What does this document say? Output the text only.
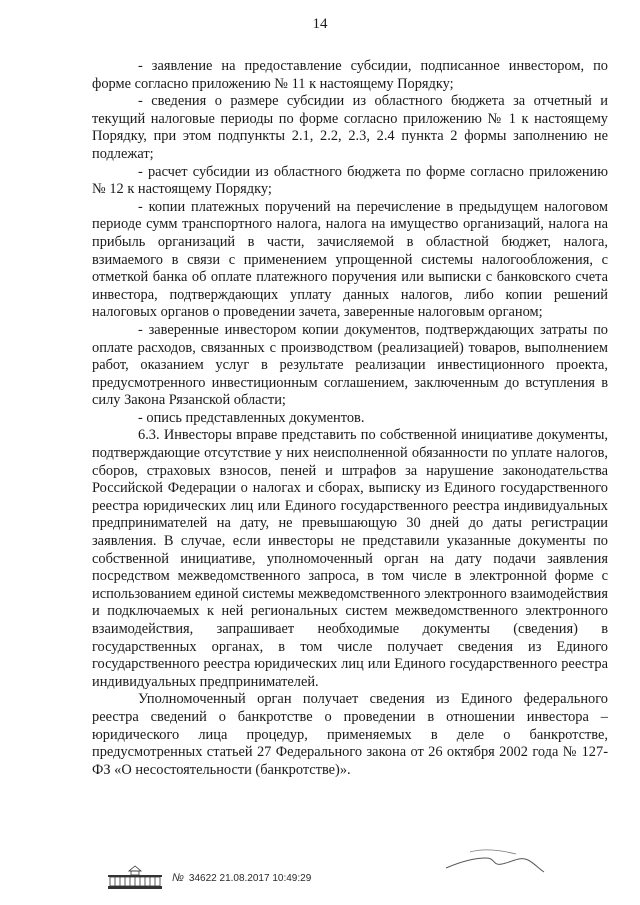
14

- заявление на предоставление субсидии, подписанное инвестором, по форме согласно приложению № 11 к настоящему Порядку;

- сведения о размере субсидии из областного бюджета за отчетный и текущий налоговые периоды по форме согласно приложению № 1 к настоящему Порядку, при этом подпункты 2.1, 2.2, 2.3, 2.4 пункта 2 формы заполнению не подлежат;

- расчет субсидии из областного бюджета по форме согласно приложению № 12 к настоящему Порядку;

- копии платежных поручений на перечисление в предыдущем налоговом периоде сумм транспортного налога, налога на имущество организаций, налога на прибыль организаций в части, зачисляемой в областной бюджет, налога, взимаемого в связи с применением упрощенной системы налогообложения, с отметкой банка об оплате платежного поручения или выписки с банковского счета инвестора, подтверждающих уплату данных налогов, либо копии решений налоговых органов о проведении зачета, заверенные налоговым органом;

- заверенные инвестором копии документов, подтверждающих затраты по оплате расходов, связанных с производством (реализацией) товаров, выполнением работ, оказанием услуг в результате реализации инвестиционного проекта, предусмотренного инвестиционным соглашением, заключенным до вступления в силу Закона Рязанской области;

- опись представленных документов.

6.3. Инвесторы вправе представить по собственной инициативе документы, подтверждающие отсутствие у них неисполненной обязанности по уплате налогов, сборов, страховых взносов, пеней и штрафов за нарушение законодательства Российской Федерации о налогах и сборах, выписку из Единого государственного реестра юридических лиц или Единого государственного реестра индивидуальных предпринимателей на дату, не превышающую 30 дней до даты регистрации заявления. В случае, если инвесторы не представили указанные документы по собственной инициативе, уполномоченный орган на дату подачи заявления посредством межведомственного запроса, в том числе в электронной форме с использованием единой системы межведомственного электронного взаимодействия и подключаемых к ней региональных систем межведомственного электронного взаимодействия, запрашивает необходимые документы (сведения) в государственных органах, в том числе получает сведения из Единого государственного реестра юридических лиц или Единого государственного реестра индивидуальных предпринимателей.

Уполномоченный орган получает сведения из Единого федерального реестра сведений о банкротстве о проведении в отношении инвестора – юридического лица процедур, применяемых в деле о банкротстве, предусмотренных статьей 27 Федерального закона от 26 октября 2002 года № 127-ФЗ «О несостоятельности (банкротстве)».

№ 34622 21.08.2017 10:49:29
